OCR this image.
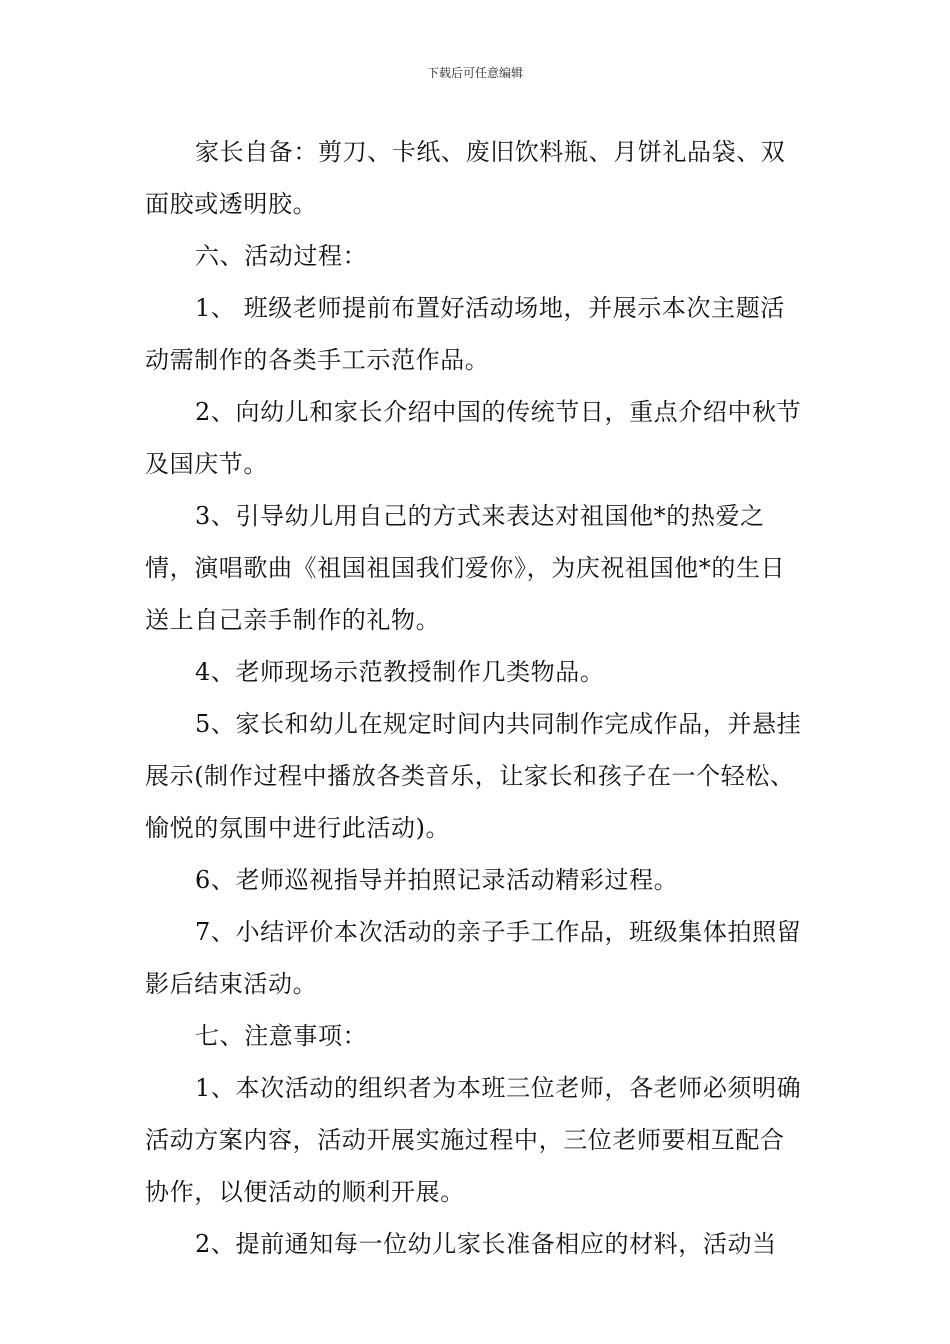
下载后可任意编辑

家长自备：剪刀、卡纸、废旧饮料瓶、月饼礼品袋、双面胶或透明胶。

六、活动过程：

1、 班级老师提前布置好活动场地，并展示本次主题活动需制作的各类手工示范作品。

2、向幼儿和家长介绍中国的传统节日，重点介绍中秋节及国庆节。

3、引导幼儿用自己的方式来表达对祖国他*的热爱之情，演唱歌曲《祖国祖国我们爱你》，为庆祝祖国他*的生日送上自己亲手制作的礼物。

4、老师现场示范教授制作几类物品。

5、家长和幼儿在规定时间内共同制作完成作品，并悬挂展示(制作过程中播放各类音乐，让家长和孩子在一个轻松、愉悦的氛围中进行此活动)。

6、老师巡视指导并拍照记录活动精彩过程。

7、小结评价本次活动的亲子手工作品，班级集体拍照留影后结束活动。

七、注意事项：

1、本次活动的组织者为本班三位老师，各老师必须明确活动方案内容，活动开展实施过程中，三位老师要相互配合协作，以便活动的顺利开展。

2、提前通知每一位幼儿家长准备相应的材料，活动当
